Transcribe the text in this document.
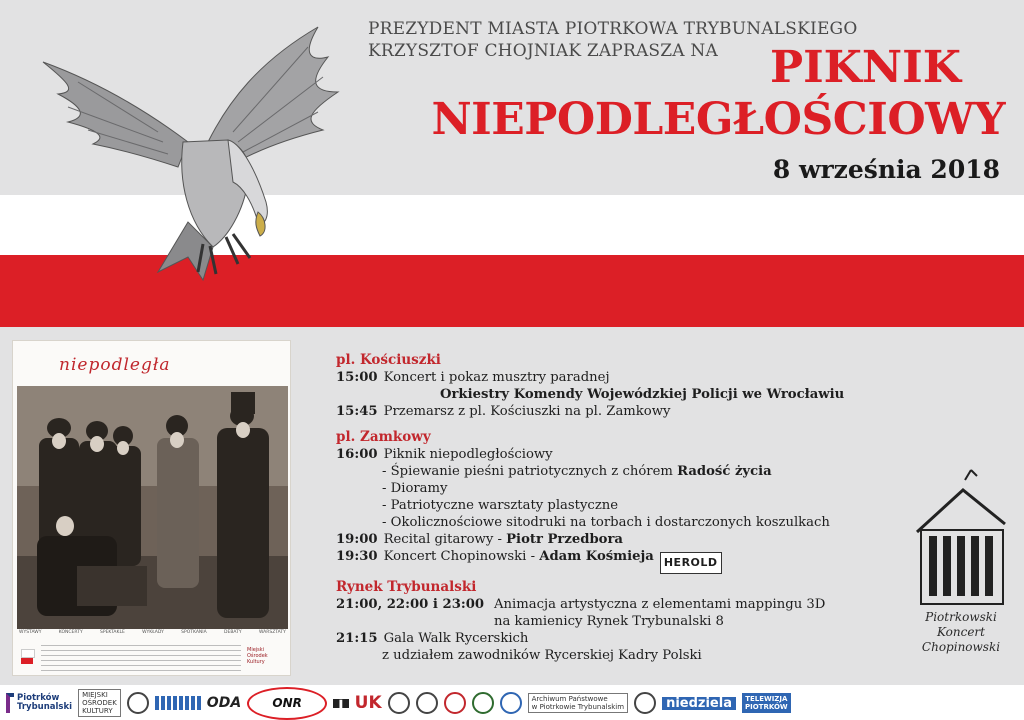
PREZYDENT MIASTA PIOTRKOWA TRYBUNALSKIEGO
KRZYSZTOF CHOJNIAK ZAPRASZA NA	PIKNIK
NIEPODLEGŁOŚCIOWY
8 września 2018
niepodległa
WYSTAWY	KONCERTY	SPEKTAKLE	WYKŁADY	SPOTKANIA	DEBATY	WARSZTATY
Miejski Ośrodek Kultury
pl. Kościuszki
15:00 Koncert i pokaz musztry paradnej
Orkiestry Komendy Wojewódzkiej Policji we Wrocławiu
15:45 Przemarsz z pl. Kościuszki na pl. Zamkowy
pl. Zamkowy
16:00 Piknik niepodległościowy
- Śpiewanie pieśni patriotycznych z chórem Radość życia
- Dioramy
- Patriotyczne warsztaty plastyczne
- Okolicznościowe sitodruki na torbach i dostarczonych koszulkach
19:00 Recital gitarowy -
Piotr Przedbora
19:30 Koncert Chopinowski -
Adam Kośmieja HEROLD
Rynek Trybunalski
21:00, 22:00 i 23:00 Animacja artystyczna z elementami mappingu 3D
na kamienicy Rynek Trybunalski 8
21:15 Gala Walk Rycerskich
z udziałem zawodników Rycerskiej Kadry Polski
Piotrkowski
Koncert
Chopinowski
Piotrków
Trybunalski
MIEJSKI
OŚRODEK
KULTURY
ODA	ONR	i UK	Archiwum Państwowe
w Piotrkowie Trybunalskim	niedziela	TELEWIZJA
PIOTRKÓW
